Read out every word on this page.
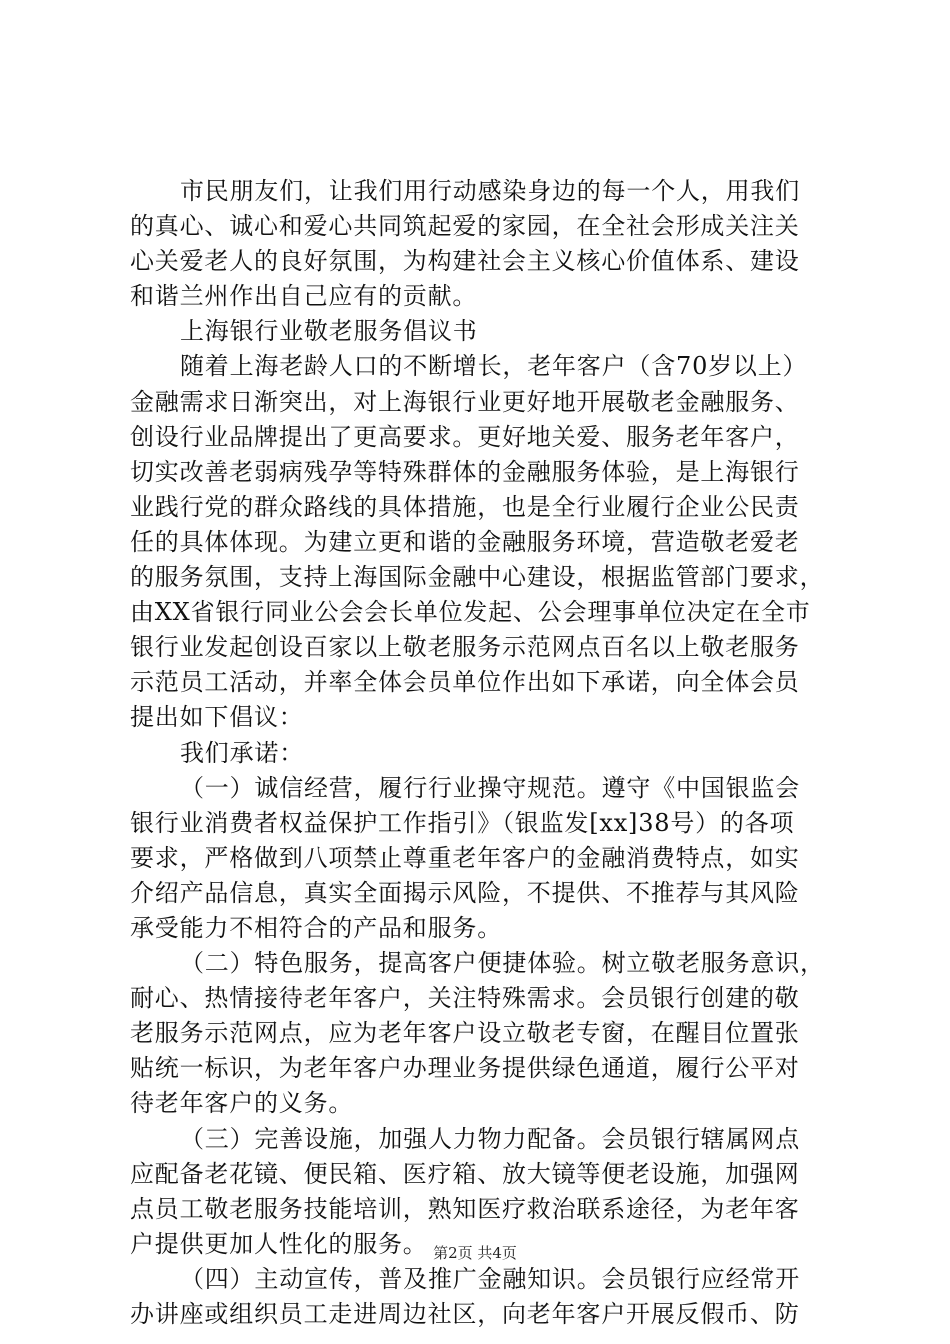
市民朋友们，让我们用行动感染身边的每一个人，用我们
的真心、诚心和爱心共同筑起爱的家园，在全社会形成关注关
心关爱老人的良好氛围，为构建社会主义核心价值体系、建设
和谐兰州作出自己应有的贡献。
上海银行业敬老服务倡议书
随着上海老龄人口的不断增长，老年客户（含70岁以上）
金融需求日渐突出，对上海银行业更好地开展敬老金融服务、
创设行业品牌提出了更高要求。更好地关爱、服务老年客户，
切实改善老弱病残孕等特殊群体的金融服务体验，是上海银行
业践行党的群众路线的具体措施，也是全行业履行企业公民责
任的具体体现。为建立更和谐的金融服务环境，营造敬老爱老
的服务氛围，支持上海国际金融中心建设，根据监管部门要求，
由XX省银行同业公会会长单位发起、公会理事单位决定在全市
银行业发起创设百家以上敬老服务示范网点百名以上敬老服务
示范员工活动，并率全体会员单位作出如下承诺，向全体会员
提出如下倡议：
我们承诺：
（一）诚信经营，履行行业操守规范。遵守《中国银监会
银行业消费者权益保护工作指引》（银监发[xx]38号）的各项
要求，严格做到八项禁止尊重老年客户的金融消费特点，如实
介绍产品信息，真实全面揭示风险，不提供、不推荐与其风险
承受能力不相符合的产品和服务。
（二）特色服务，提高客户便捷体验。树立敬老服务意识，
耐心、热情接待老年客户，关注特殊需求。会员银行创建的敬
老服务示范网点，应为老年客户设立敬老专窗，在醒目位置张
贴统一标识，为老年客户办理业务提供绿色通道，履行公平对
待老年客户的义务。
（三）完善设施，加强人力物力配备。会员银行辖属网点
应配备老花镜、便民箱、医疗箱、放大镜等便老设施，加强网
点员工敬老服务技能培训，熟知医疗救治联系途径，为老年客
户提供更加人性化的服务。
（四）主动宣传，普及推广金融知识。会员银行应经常开
办讲座或组织员工走进周边社区，向老年客户开展反假币、防
第2页 共4页
